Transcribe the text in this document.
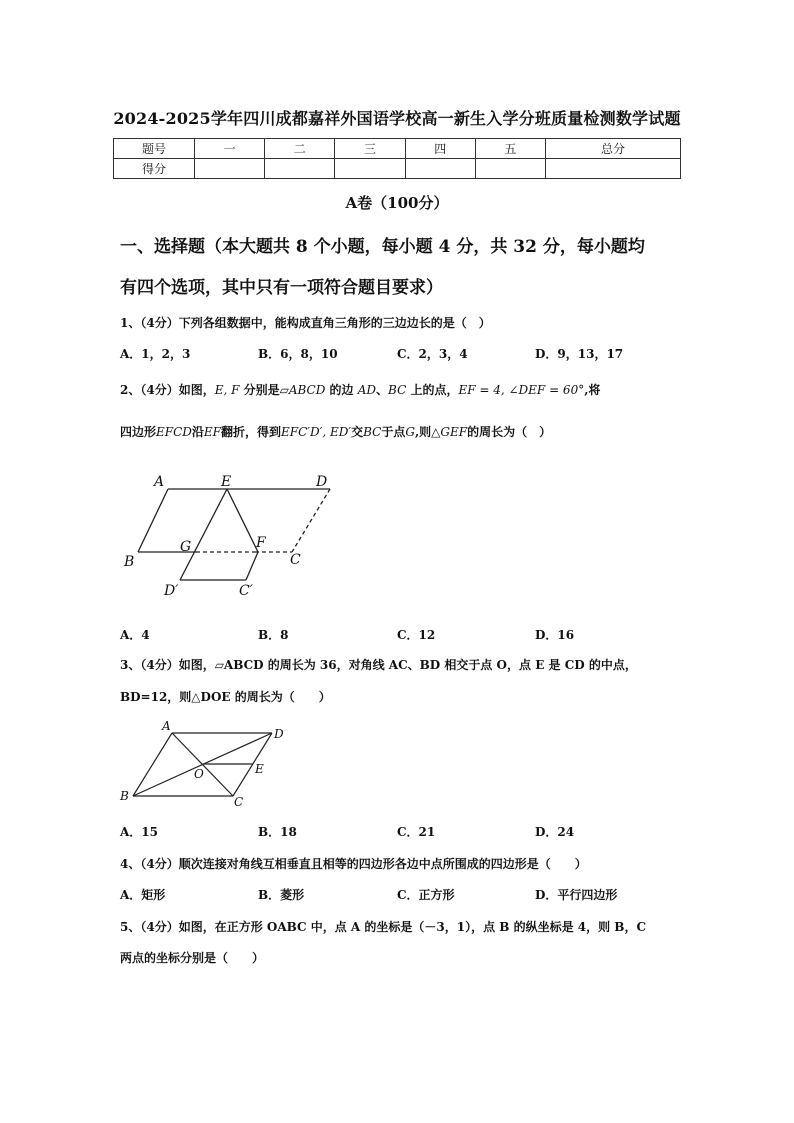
2024-2025学年四川成都嘉祥外国语学校高一新生入学分班质量检测数学试题
题号	一	二	三	四	五	总分
得分						
A卷（100分）
一、选择题（本大题共 8 个小题，每小题 4 分，共 32 分，每小题均
有四个选项，其中只有一项符合题目要求）
1、（4分）下列各组数据中，能构成直角三角形的三边边长的是（　）
A．1，2，3	B．6，8，10	C．2，3，4	D．9，13，17
2、（4分）如图，E, F 分别是▱ABCD 的边 AD、BC 上的点，EF = 4, ∠DEF = 60°,将
四边形EFCD沿EF翻折，得到EFC′D′, ED′交BC于点G,则△GEF的周长为（　）
A	E	D
B
G	F
C
D′	C′
A
D
O	E
B	C
A．4	B．8	C．12	D．16
3、（4分）如图，▱ABCD 的周长为 36，对角线 AC、BD 相交于点 O，点 E 是 CD 的中点，
BD=12，则△DOE 的周长为（　　）
A．15	B．18	C．21	D．24
4、（4分）顺次连接对角线互相垂直且相等的四边形各边中点所围成的四边形是（　　）
A．矩形	B．菱形	C．正方形	D．平行四边形
5、（4分）如图，在正方形 OABC 中，点 A 的坐标是（－3，1），点 B 的纵坐标是 4，则 B，C
两点的坐标分别是（　　）
